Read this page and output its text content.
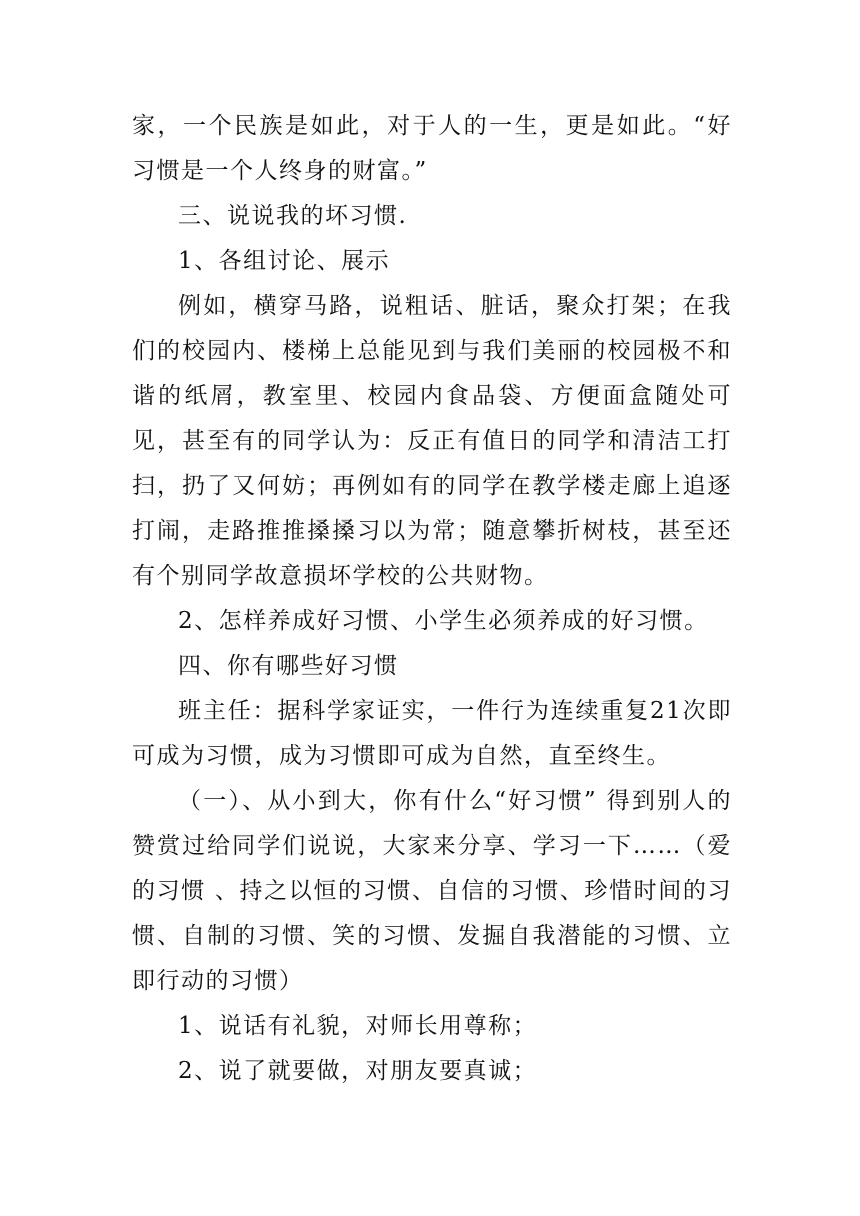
家，一个民族是如此，对于人的一生，更是如此。“好习惯是一个人终身的财富。”

三、说说我的坏习惯.

1、各组讨论、展示

例如，横穿马路，说粗话、脏话，聚众打架；在我们的校园内、楼梯上总能见到与我们美丽的校园极不和谐的纸屑，教室里、校园内食品袋、方便面盒随处可见，甚至有的同学认为：反正有值日的同学和清洁工打扫，扔了又何妨；再例如有的同学在教学楼走廊上追逐打闹，走路推推搡搡习以为常；随意攀折树枝，甚至还有个别同学故意损坏学校的公共财物。

2、怎样养成好习惯、小学生必须养成的好习惯。

四、你有哪些好习惯

班主任：据科学家证实，一件行为连续重复21次即可成为习惯，成为习惯即可成为自然，直至终生。

（一）、从小到大，你有什么“好习惯” 得到别人的赞赏过给同学们说说，大家来分享、学习一下……（爱的习惯 、持之以恒的习惯、自信的习惯、珍惜时间的习惯、自制的习惯、笑的习惯、发掘自我潜能的习惯、立即行动的习惯）

1、说话有礼貌，对师长用尊称；

2、说了就要做，对朋友要真诚；
